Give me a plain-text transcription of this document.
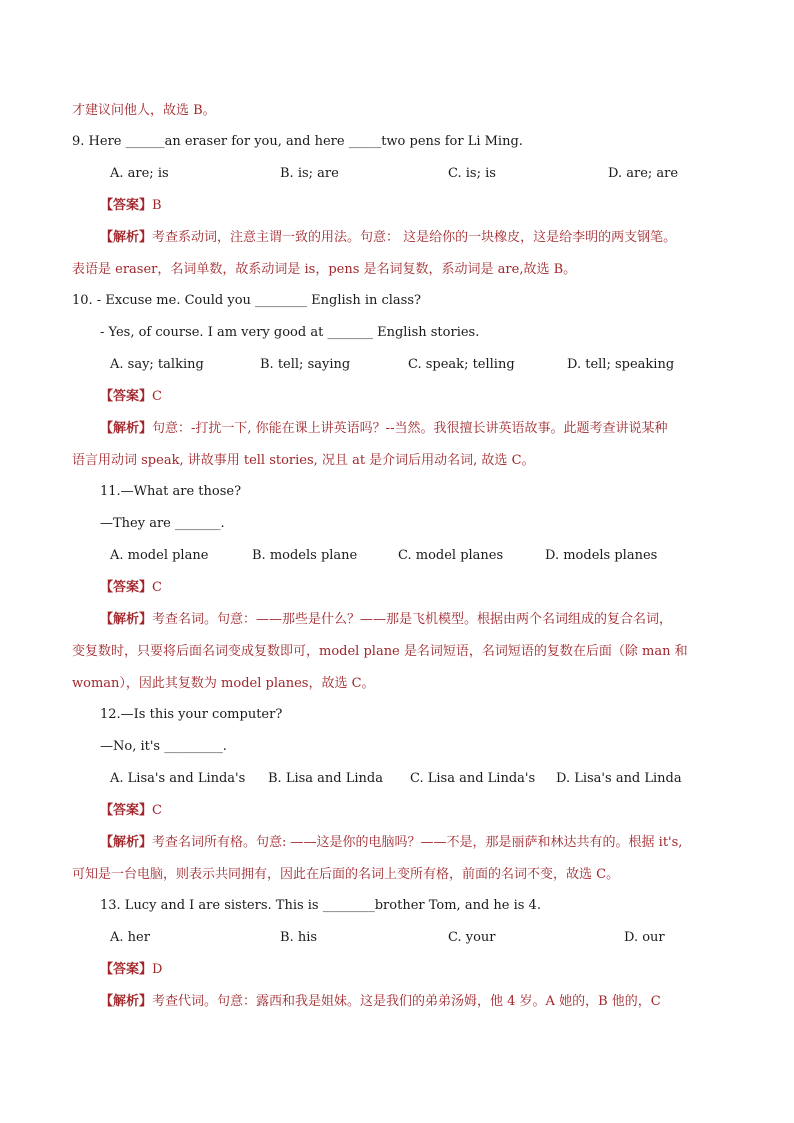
才建议问他人，故选 B。
9. Here ______an eraser for you, and here _____two pens for Li Ming.
A. are; is	B. is; are	C. is; is	D. are; are
【答案】B
【解析】考查系动词，注意主谓一致的用法。句意： 这是给你的一块橡皮，这是给李明的两支钢笔。
表语是 eraser，名词单数，故系动词是 is，pens 是名词复数，系动词是 are,故选 B。
10. - Excuse me. Could you ________ English in class?
- Yes, of course. I am very good at _______ English stories.
A. say; talking	B. tell; saying	C. speak; telling	D. tell; speaking
【答案】C
【解析】句意：-打扰一下, 你能在课上讲英语吗？--当然。我很擅长讲英语故事。此题考查讲说某种
语言用动词 speak, 讲故事用 tell stories, 况且 at 是介词后用动名词, 故选 C。
11.—What are those?
—They are _______.
A. model plane	B. models plane	C. model planes	D. models planes
【答案】C
【解析】考查名词。句意：——那些是什么？——那是飞机模型。根据由两个名词组成的复合名词，
变复数时，只要将后面名词变成复数即可，model plane 是名词短语，名词短语的复数在后面（除 man 和
woman），因此其复数为 model planes，故选 C。
12.—Is this your computer?
—No, it's _________.
A. Lisa's and Linda's B. Lisa and Linda C. Lisa and Linda's D. Lisa's and Linda
【答案】C
【解析】考查名词所有格。句意: ——这是你的电脑吗？——不是，那是丽萨和林达共有的。根据 it's,
可知是一台电脑，则表示共同拥有，因此在后面的名词上变所有格，前面的名词不变，故选 C。
13. Lucy and I are sisters. This is ________brother Tom, and he is 4.
A. her	B. his	C. your	D. our
【答案】D
【解析】考查代词。句意：露西和我是姐妹。这是我们的弟弟汤姆，他 4 岁。A 她的，B 他的，C
